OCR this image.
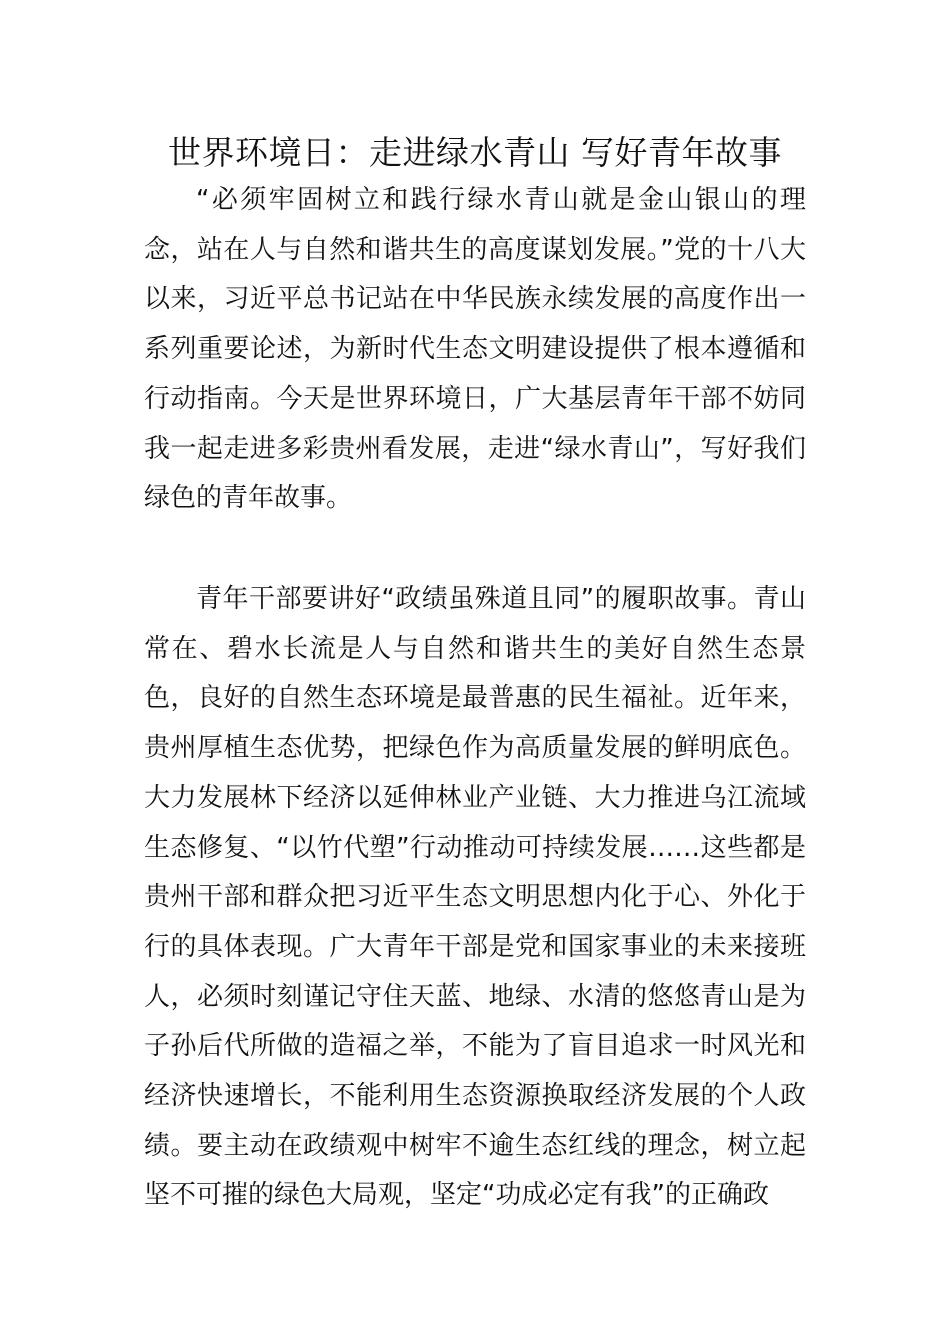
世界环境日：走进绿水青山 写好青年故事

“必须牢固树立和践行绿水青山就是金山银山的理念，站在人与自然和谐共生的高度谋划发展。”党的十八大以来，习近平总书记站在中华民族永续发展的高度作出一系列重要论述，为新时代生态文明建设提供了根本遵循和行动指南。今天是世界环境日，广大基层青年干部不妨同我一起走进多彩贵州看发展，走进“绿水青山”，写好我们绿色的青年故事。

青年干部要讲好“政绩虽殊道且同”的履职故事。青山常在、碧水长流是人与自然和谐共生的美好自然生态景色，良好的自然生态环境是最普惠的民生福祉。近年来，贵州厚植生态优势，把绿色作为高质量发展的鲜明底色。大力发展林下经济以延伸林业产业链、大力推进乌江流域生态修复、“以竹代塑”行动推动可持续发展……这些都是贵州干部和群众把习近平生态文明思想内化于心、外化于行的具体表现。广大青年干部是党和国家事业的未来接班人，必须时刻谨记守住天蓝、地绿、水清的悠悠青山是为子孙后代所做的造福之举，不能为了盲目追求一时风光和经济快速增长，不能利用生态资源换取经济发展的个人政绩。要主动在政绩观中树牢不逾生态红线的理念，树立起坚不可摧的绿色大局观，坚定“功成必定有我”的正确政
